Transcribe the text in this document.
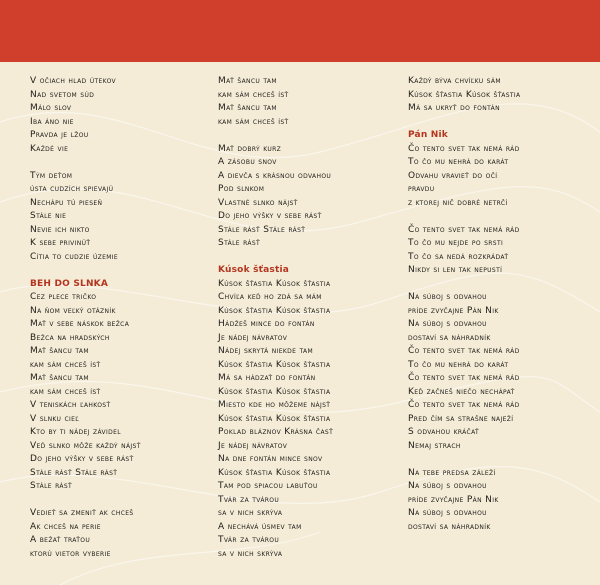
V očiach hlad útekov
Nad svetom súd
Málo slov
Iba áno nie
Pravda je lžou
Každé vie
Tým deťom
ústa cudzích spievajú
Nechápu tú pieseň
Stále nie
Nevie ich nikto
K sebe privinúť
Cítia to cudzie územie
BEH DO SLNKA
Cez plece tričko
Na ňom veľký otázník
Mať v sebe náskok bežca
Bežca na hradských
Mať šancu tam
kam sám chceš ísť
Mať šancu tam
kam sám chceš ísť
V teniskách ľahkosť
V slnku cieľ
Kto by ti nádej závidel
Veď slnko môže každý nájsť
Do jeho výšky v sebe rásť
Stále rásť Stále rásť
Stále rásť
Vedieť sa zmeniť ak chceš
Ak chceš na perie
A bežať traťou
ktorú vietor vyberie
Mať šancu tam
kam sám chceš ísť
Mať šancu tam
kam sám chceš ísť
Mať dobrý kurz
A zásobu snov
A dievča s krásnou odvahou
Pod slnkom
Vlastné slnko nájsť
Do jeho výšky v sebe rásť
Stále rásť Stále rásť
Stále rásť
Kúsok šťastia
Kúsok šťastia Kúsok šťastia
Chvíľa keď ho zdá sa mám
Kúsok šťastia Kúsok šťastia
Hádžeš mince do fontán
Je nádej návratov
Nádej skrytá niekde tam
Kúsok šťastia Kúsok šťastia
Má sa hádzať do fontán
Kúsok šťastia Kúsok šťastia
Miesto kde ho môžeme nájsť
Kúsok šťastia Kúsok šťastia
Poklad bláznov Krásna časť
Je nádej návratov
Na dne fontán mince snov
Kúsok šťastia Kúsok šťastia
Tam pod spiacou labuťou
Tvár za tvárou
sa v nich skrýva
A nechává úsmev tam
Tvár za tvárou
sa v nich skrýva
Každý býva chvíľku sám
Kúsok šťastia Kúsok šťastia
Má sa ukryť do fontán
Pán Nik
Čo tento svet tak nemá rád
To čo mu nehrá do karát
Odvahu vravieť do očí
pravdu
z ktorej nič dobré netrčí
Čo tento svet tak nemá rád
To čo mu nejde po srsti
To čo sa nedá rozkrádať
Nikdy si len tak nepustí
Na súboj s odvahou
príde zvyčajne Pán Nik
Na súboj s odvahou
dostaví sa náhradník
Čo tento svet tak nemá rád
To čo mu nehrá do karát
Čo tento svet tak nemá rád
Keď začneš niečo nechápať
Čo tento svet tak nemá rád
Pred čím sa strašne naježí
S odvahou kráčať
Nemaj strach
Na tebe predsa záleží
Na súboj s odvahou
príde zvyčajne Pán Nik
Na súboj s odvahou
dostaví sa náhradník
